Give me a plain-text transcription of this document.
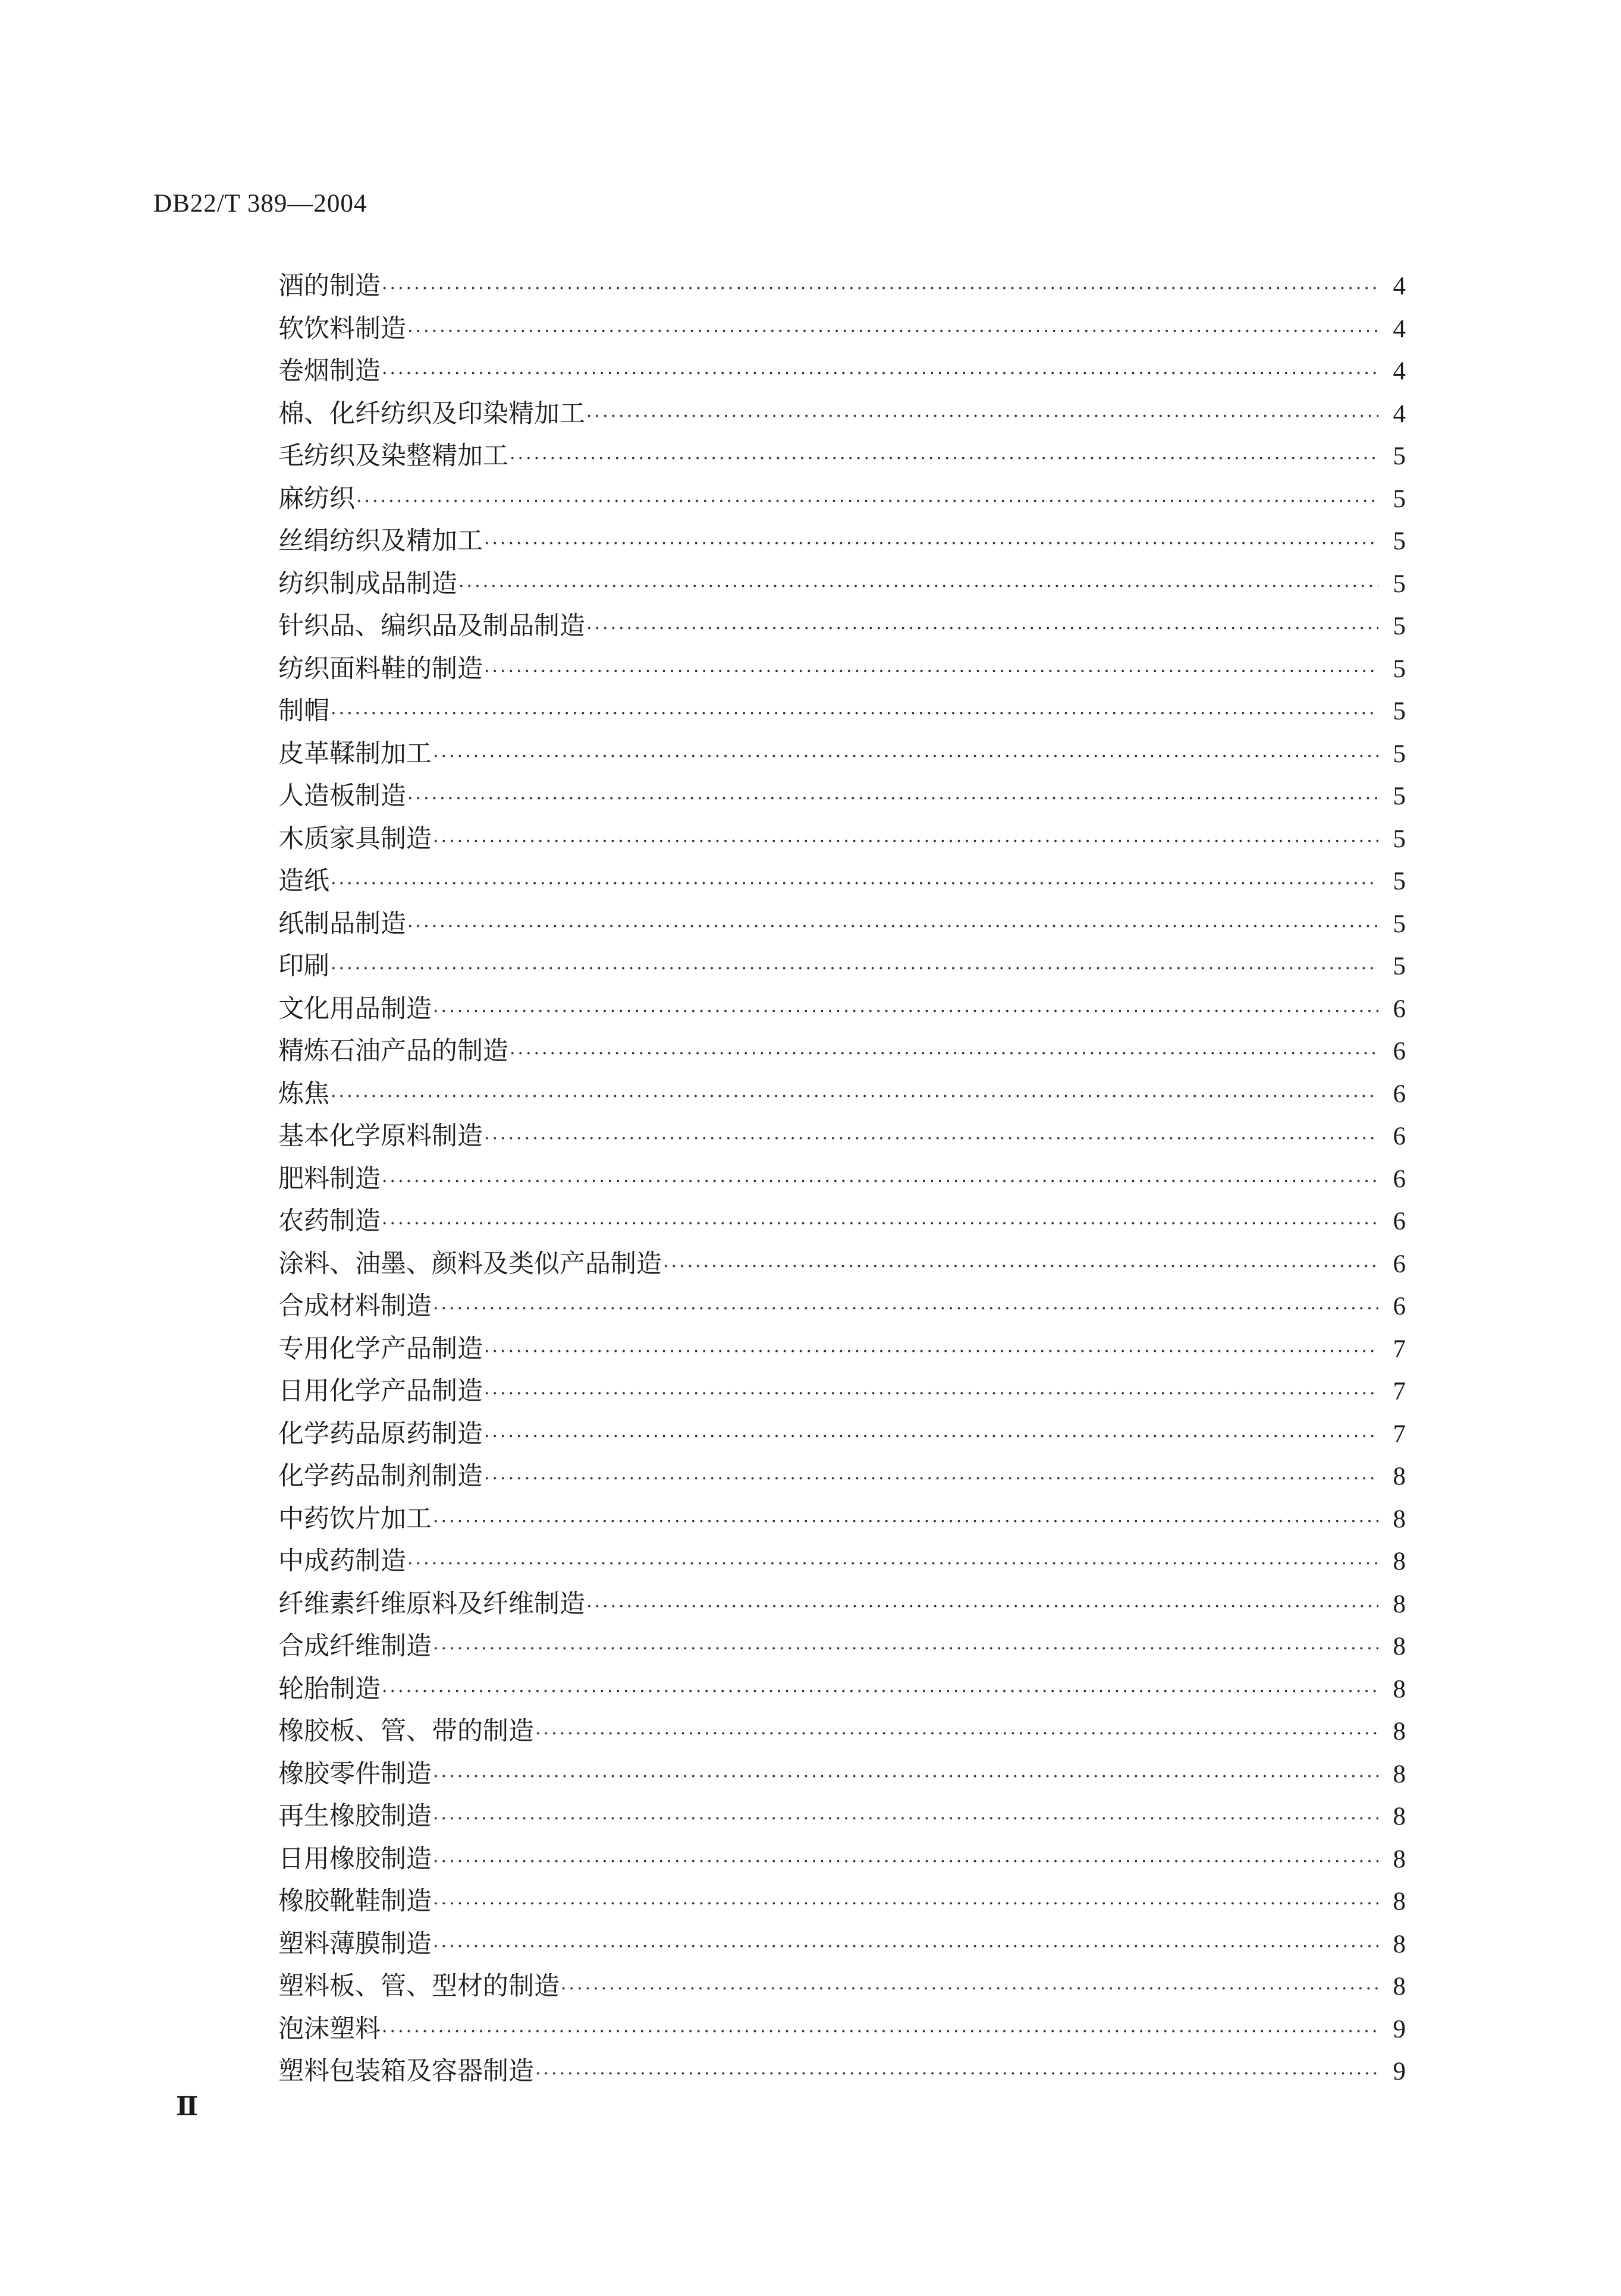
DB22/T 389—2004
酒的制造 ·····	4
软饮料制造 ·····	4
卷烟制造 ·····	4
棉、化纤纺织及印染精加工 ·····	4
毛纺织及染整精加工 ·····	5
麻纺织 ·····	5
丝绢纺织及精加工 ·····	5
纺织制成品制造 ·····	5
针织品、编织品及制品制造 ·····	5
纺织面料鞋的制造 ·····	5
制帽 ·····	5
皮革鞣制加工 ·····	5
人造板制造 ·····	5
木质家具制造 ·····	5
造纸 ·····	5
纸制品制造 ·····	5
印刷 ·····	5
文化用品制造 ·····	6
精炼石油产品的制造 ·····	6
炼焦 ·····	6
基本化学原料制造 ·····	6
肥料制造 ·····	6
农药制造 ·····	6
涂料、油墨、颜料及类似产品制造 ·····	6
合成材料制造 ·····	6
专用化学产品制造 ·····	7
日用化学产品制造 ·····	7
化学药品原药制造 ·····	7
化学药品制剂制造 ·····	8
中药饮片加工 ·····	8
中成药制造 ·····	8
纤维素纤维原料及纤维制造 ·····	8
合成纤维制造 ·····	8
轮胎制造 ·····	8
橡胶板、管、带的制造 ·····	8
橡胶零件制造 ·····	8
再生橡胶制造 ·····	8
日用橡胶制造 ·····	8
橡胶靴鞋制造 ·····	8
塑料薄膜制造 ·····	8
塑料板、管、型材的制造 ·····	8
泡沫塑料 ·····	9
塑料包装箱及容器制造 ·····	9
Ⅱ
